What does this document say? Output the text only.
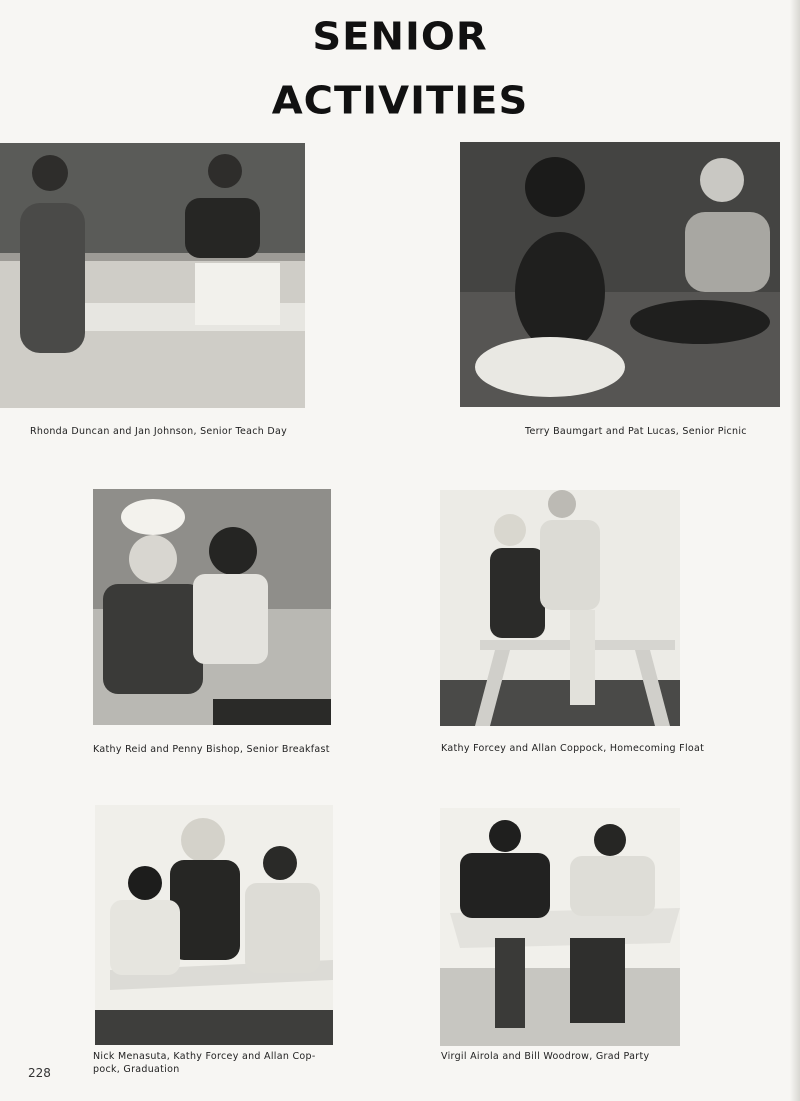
SENIOR
ACTIVITIES
Rhonda Duncan and Jan Johnson, Senior Teach Day	Terry Baumgart and Pat Lucas, Senior Picnic
Kathy Reid and Penny Bishop, Senior Breakfast	Kathy Forcey and Allan Coppock, Homecoming Float
Nick Menasuta, Kathy Forcey and Allan Cop-pock, Graduation
Virgil Airola and Bill Woodrow, Grad Party
228
